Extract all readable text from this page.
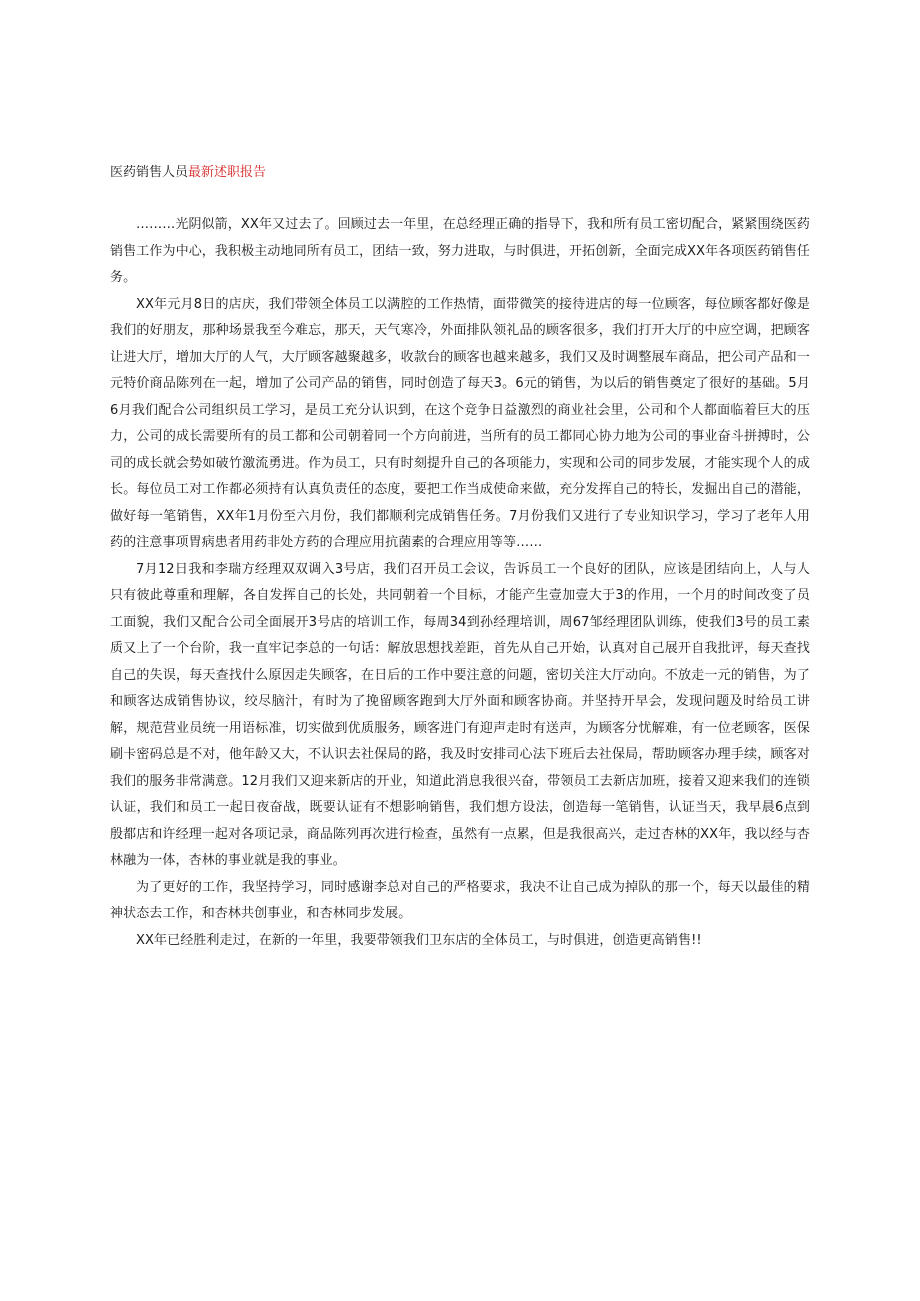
医药销售人员最新述职报告

………光阴似箭，XX年又过去了。回顾过去一年里，在总经理正确的指导下，我和所有员工密切配合，紧紧围绕医药销售工作为中心，我积极主动地同所有员工，团结一致，努力进取，与时俱进，开拓创新，全面完成XX年各项医药销售任务。

XX年元月8日的店庆，我们带领全体员工以满腔的工作热情，面带微笑的接待进店的每一位顾客，每位顾客都好像是我们的好朋友，那种场景我至今难忘，那天，天气寒冷，外面排队领礼品的顾客很多，我们打开大厅的中应空调，把顾客让进大厅，增加大厅的人气，大厅顾客越聚越多，收款台的顾客也越来越多，我们又及时调整展车商品，把公司产品和一元特价商品陈列在一起，增加了公司产品的销售，同时创造了每天3。6元的销售，为以后的销售奠定了很好的基础。5月6月我们配合公司组织员工学习，是员工充分认识到，在这个竞争日益激烈的商业社会里，公司和个人都面临着巨大的压力，公司的成长需要所有的员工都和公司朝着同一个方向前进，当所有的员工都同心协力地为公司的事业奋斗拼搏时，公司的成长就会势如破竹激流勇进。作为员工，只有时刻提升自己的各项能力，实现和公司的同步发展，才能实现个人的成长。每位员工对工作都必须持有认真负责任的态度，要把工作当成使命来做，充分发挥自己的特长，发掘出自己的潜能，做好每一笔销售，XX年1月份至六月份，我们都顺利完成销售任务。7月份我们又进行了专业知识学习，学习了老年人用药的注意事项胃病患者用药非处方药的合理应用抗菌素的合理应用等等……

7月12日我和李瑞方经理双双调入3号店，我们召开员工会议，告诉员工一个良好的团队，应该是团结向上，人与人只有彼此尊重和理解，各自发挥自己的长处，共同朝着一个目标，才能产生壹加壹大于3的作用，一个月的时间改变了员工面貌，我们又配合公司全面展开3号店的培训工作，每周34到孙经理培训，周67邹经理团队训练，使我们3号的员工素质又上了一个台阶，我一直牢记李总的一句话：解放思想找差距，首先从自己开始，认真对自己展开自我批评，每天查找自己的失误，每天查找什么原因走失顾客，在日后的工作中要注意的问题，密切关注大厅动向。不放走一元的销售，为了和顾客达成销售协议，绞尽脑汁，有时为了挽留顾客跑到大厅外面和顾客协商。并坚持开早会，发现问题及时给员工讲解，规范营业员统一用语标准，切实做到优质服务，顾客进门有迎声走时有送声，为顾客分忧解难，有一位老顾客，医保刷卡密码总是不对，他年龄又大，不认识去社保局的路，我及时安排司心法下班后去社保局，帮助顾客办理手续，顾客对我们的服务非常满意。12月我们又迎来新店的开业，知道此消息我很兴奋，带领员工去新店加班，接着又迎来我们的连锁认证，我们和员工一起日夜奋战，既要认证有不想影响销售，我们想方设法，创造每一笔销售，认证当天，我早晨6点到殷都店和许经理一起对各项记录，商品陈列再次进行检查，虽然有一点累，但是我很高兴，走过杏林的XX年，我以经与杏林融为一体，杏林的事业就是我的事业。

为了更好的工作，我坚持学习，同时感谢李总对自己的严格要求，我决不让自己成为掉队的那一个，每天以最佳的精神状态去工作，和杏林共创事业，和杏林同步发展。

XX年已经胜利走过，在新的一年里，我要带领我们卫东店的全体员工，与时俱进，创造更高销售!!
